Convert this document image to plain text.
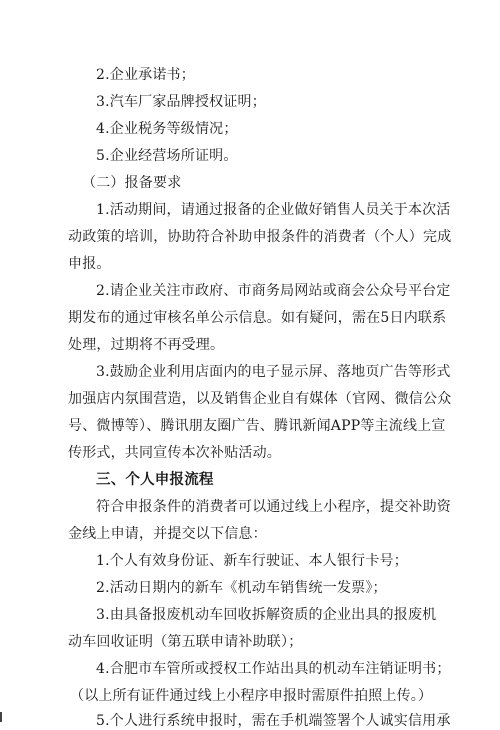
2.企业承诺书；
3.汽车厂家品牌授权证明；
4.企业税务等级情况；
5.企业经营场所证明。
（二）报备要求
1.活动期间，请通过报备的企业做好销售人员关于本次活
动政策的培训，协助符合补助申报条件的消费者（个人）完成
申报。
2.请企业关注市政府、市商务局网站或商会公众号平台定
期发布的通过审核名单公示信息。如有疑问，需在5日内联系
处理，过期将不再受理。
3.鼓励企业利用店面内的电子显示屏、落地页广告等形式
加强店内氛围营造，以及销售企业自有媒体（官网、微信公众
号、微博等）、腾讯朋友圈广告、腾讯新闻APP等主流线上宣
传形式，共同宣传本次补贴活动。
三、个人申报流程
符合申报条件的消费者可以通过线上小程序，提交补助资
金线上申请，并提交以下信息：
1.个人有效身份证、新车行驶证、本人银行卡号；
2.活动日期内的新车《机动车销售统一发票》；
3.由具备报废机动车回收拆解资质的企业出具的报废机
动车回收证明（第五联申请补助联）；
4.合肥市车管所或授权工作站出具的机动车注销证明书；
（以上所有证件通过线上小程序申报时需原件拍照上传。）
5.个人进行系统申报时，需在手机端签署个人诚实信用承
